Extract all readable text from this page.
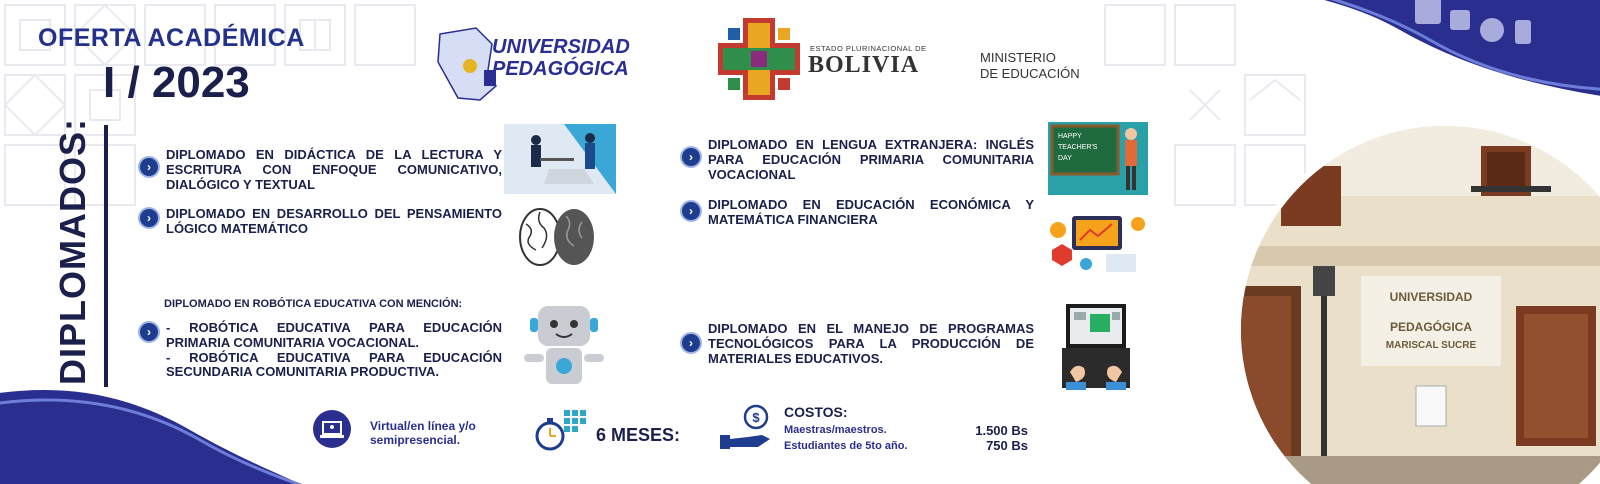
UNIVERSIDAD
PEDAGÓGICA
MARISCAL SUCRE
OFERTA ACADÉMICA
I / 2023
UNIVERSIDAD
PEDAGÓGICA
ESTADO PLURINACIONAL DE
BOLIVIA	MINISTERIO
DE EDUCACIÓN
DIPLOMADOS:	›
DIPLOMADO EN DIDÁCTICA DE LA LECTURA Y ESCRITURA CON ENFOQUE COMUNICATIVO, DIALÓGICO Y TEXTUAL
›	DIPLOMADO EN DESARROLLO DEL PENSAMIENTO LÓGICO MATEMÁTICO
DIPLOMADO EN ROBÓTICA EDUCATIVA CON MENCIÓN:
›	- ROBÓTICA EDUCATIVA PARA EDUCACIÓN PRIMARIA COMUNITARIA VOCACIONAL.
- ROBÓTICA EDUCATIVA PARA EDUCACIÓN SECUNDARIA COMUNITARIA PRODUCTIVA.
›
DIPLOMADO EN LENGUA EXTRANJERA: INGLÉS PARA EDUCACIÓN PRIMARIA COMUNITARIA VOCACIONAL
HAPPY
TEACHER'S
DAY
›	DIPLOMADO EN EDUCACIÓN ECONÓMICA Y MATEMÁTICA FINANCIERA
›
DIPLOMADO EN EL MANEJO DE PROGRAMAS TECNOLÓGICOS PARA LA PRODUCCIÓN DE MATERIALES EDUCATIVOS.
Virtual/en línea y/o
semipresencial.	6 MESES:
$ COSTOS:
Maestras/maestros.
Estudiantes de 5to año.
1.500 Bs
750 Bs
